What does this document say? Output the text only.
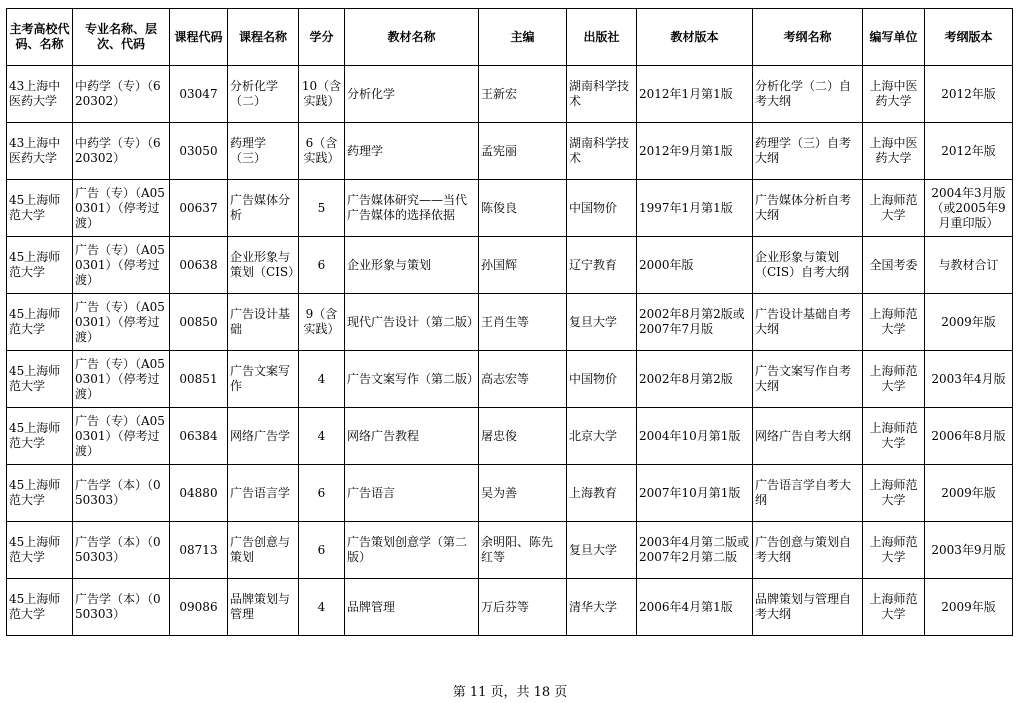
主考高校代码、名称	专业名称、层次、代码	课程代码	课程名称	学分	教材名称	主编	出版社	教材版本	考纲名称	编写单位	考纲版本
43上海中医药大学	中药学（专）（620302）	03047	分析化学（二）	10（含实践）	分析化学	王新宏	湖南科学技术	2012年1月第1版	分析化学（二）自考大纲	上海中医药大学	2012年版
43上海中医药大学	中药学（专）（620302）	03050	药理学（三）	6（含实践）	药理学	孟宪丽	湖南科学技术	2012年9月第1版	药理学（三）自考大纲	上海中医药大学	2012年版
45上海师范大学	广告（专）（A050301）（停考过渡）	00637	广告媒体分析	5	广告媒体研究——当代广告媒体的选择依据	陈俊良	中国物价	1997年1月第1版	广告媒体分析自考大纲	上海师范大学	2004年3月版（或2005年9月重印版）
45上海师范大学	广告（专）（A050301）（停考过渡）	00638	企业形象与策划（CIS）	6	企业形象与策划	孙国辉	辽宁教育	2000年版	企业形象与策划（CIS）自考大纲	全国考委	与教材合订
45上海师范大学	广告（专）（A050301）（停考过渡）	00850	广告设计基础	9（含实践）	现代广告设计（第二版）	王肖生等	复旦大学	2002年8月第2版或2007年7月版	广告设计基础自考大纲	上海师范大学	2009年版
45上海师范大学	广告（专）（A050301）（停考过渡）	00851	广告文案写作	4	广告文案写作（第二版）	高志宏等	中国物价	2002年8月第2版	广告文案写作自考大纲	上海师范大学	2003年4月版
45上海师范大学	广告（专）（A050301）（停考过渡）	06384	网络广告学	4	网络广告教程	屠忠俊	北京大学	2004年10月第1版	网络广告自考大纲	上海师范大学	2006年8月版
45上海师范大学	广告学（本）（050303）	04880	广告语言学	6	广告语言	吴为善	上海教育	2007年10月第1版	广告语言学自考大纲	上海师范大学	2009年版
45上海师范大学	广告学（本）（050303）	08713	广告创意与策划	6	广告策划创意学（第二版）	余明阳、陈先红等	复旦大学	2003年4月第二版或2007年2月第二版	广告创意与策划自考大纲	上海师范大学	2003年9月版
45上海师范大学	广告学（本）（050303）	09086	品牌策划与管理	4	品牌管理	万后芬等	清华大学	2006年4月第1版	品牌策划与管理自考大纲	上海师范大学	2009年版
第 11 页，共 18 页
